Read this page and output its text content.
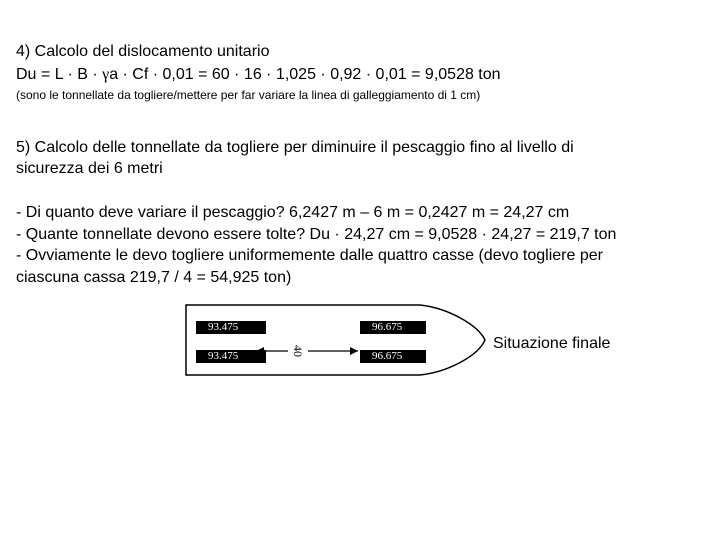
4) Calcolo del dislocamento unitario
Du = L · B · γa · Cf · 0,01 = 60 · 16 · 1,025 · 0,92 · 0,01 = 9,0528 ton
(sono le tonnellate da togliere/mettere per far variare la linea di galleggiamento di 1 cm)
5) Calcolo delle tonnellate da togliere per diminuire il pescaggio fino al livello di
sicurezza dei 6 metri
- Di quanto deve variare il pescaggio? 6,2427 m – 6 m = 0,2427 m = 24,27 cm
- Quante tonnellate devono essere tolte? Du · 24,27 cm = 9,0528 · 24,27 = 219,7 ton
- Ovviamente le devo togliere uniformemente dalle quattro casse (devo togliere per
ciascuna cassa 219,7 / 4 = 54,925 ton)
40
93.475
93.475
96.675
96.675
Situazione finale
